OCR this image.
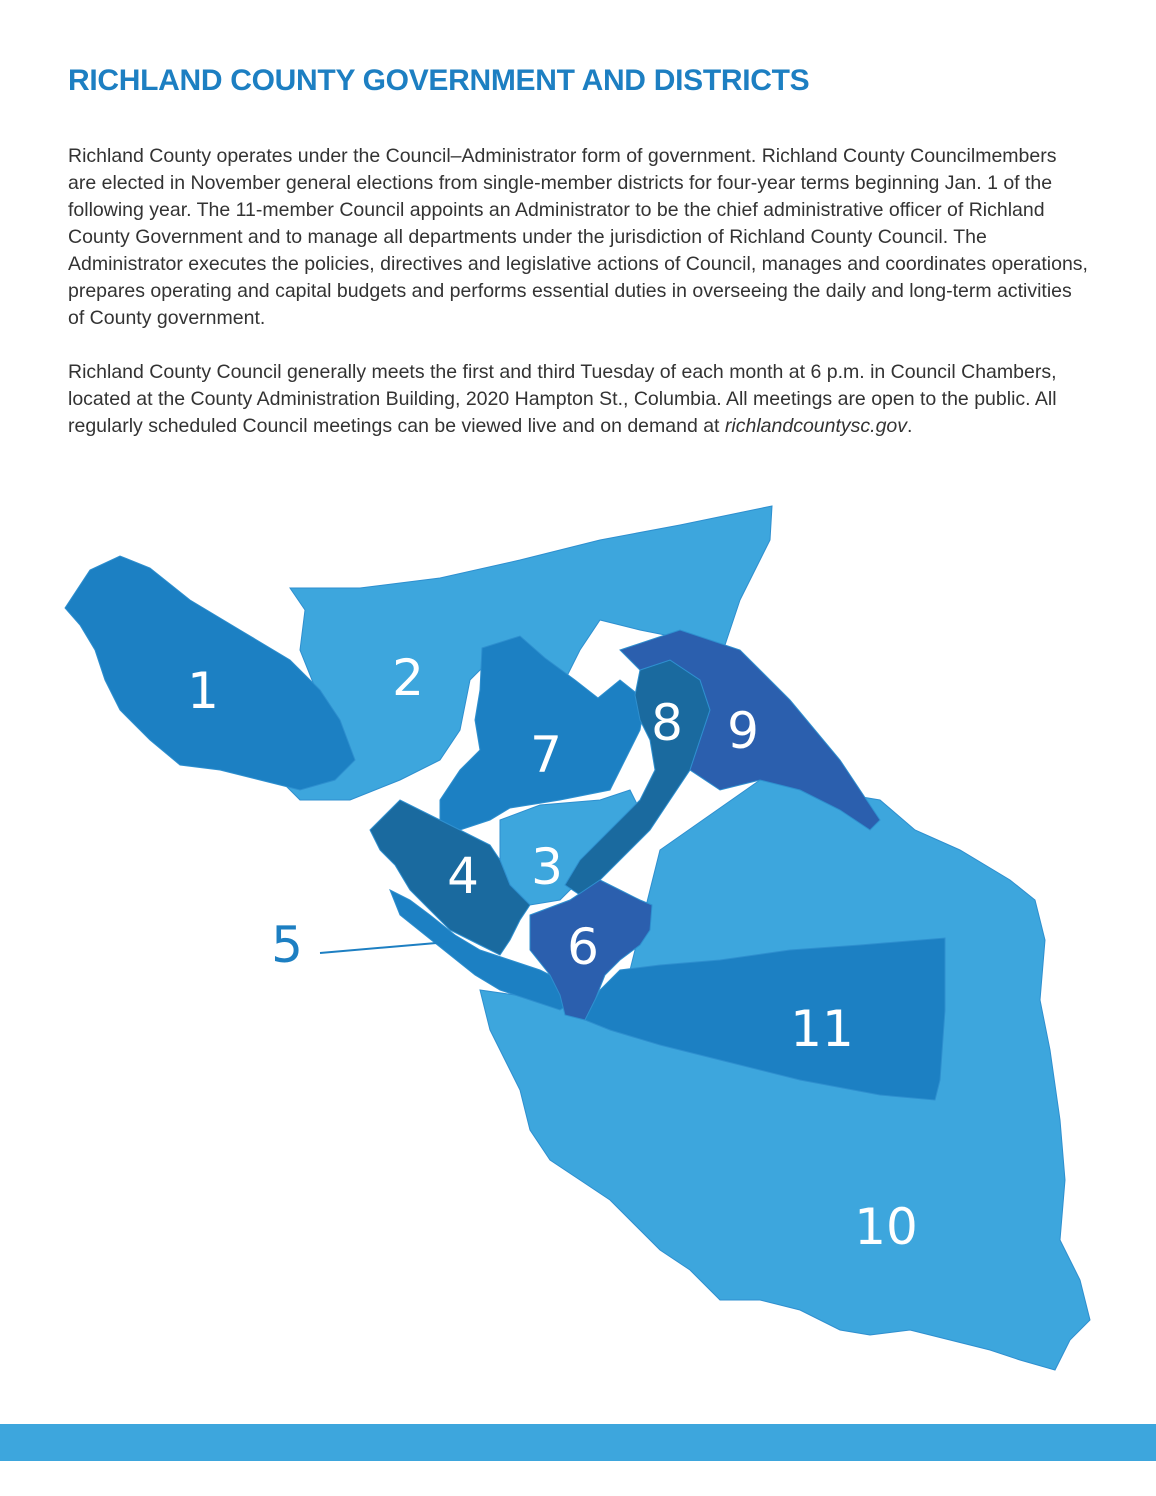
RICHLAND COUNTY GOVERNMENT AND DISTRICTS

Richland County operates under the Council–Administrator form of government. Richland County Councilmembers are elected in November general elections from single-member districts for four-year terms beginning Jan. 1 of the following year. The 11-member Council appoints an Administrator to be the chief administrative officer of Richland County Government and to manage all departments under the jurisdiction of Richland County Council. The Administrator executes the policies, directives and legislative actions of Council, manages and coordinates operations, prepares operating and capital budgets and performs essential duties in overseeing the daily and long-term activities of County government.

Richland County Council generally meets the first and third Tuesday of each month at 6 p.m. in Council Chambers, located at the County Administration Building, 2020 Hampton St., Columbia. All meetings are open to the public. All regularly scheduled Council meetings can be viewed live and on demand at richlandcountysc.gov.

1	2
3
4
5	6
7
8 9
10
11
